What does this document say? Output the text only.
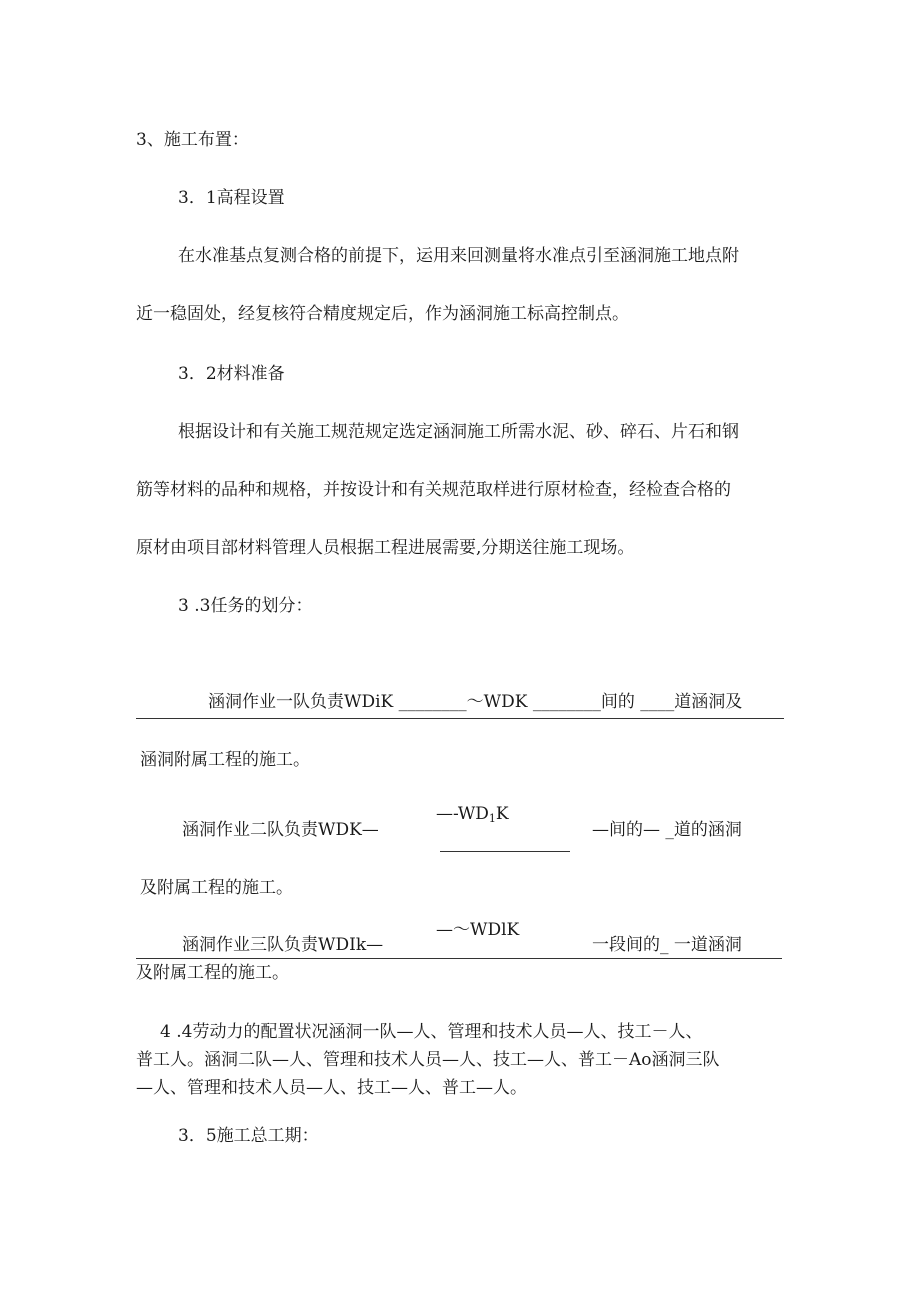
3、施工布置：
3．1高程设置
在水准基点复测合格的前提下，运用来回测量将水准点引至涵洞施工地点附
近一稳固处，经复核符合精度规定后，作为涵洞施工标高控制点。
3．2材料准备
根据设计和有关施工规范规定选定涵洞施工所需水泥、砂、碎石、片石和钢
筋等材料的品种和规格，并按设计和有关规范取样进行原材检查，经检查合格的
原材由项目部材料管理人员根据工程进展需要,分期送往施工现场。
3 .3任务的划分：
涵洞作业一队负责WDiK ________～WDK ________间的 ____道涵洞及
涵洞附属工程的施工。
涵洞作业二队负责WDK—
$—-WD_1K$
—间的— _道的涵洞
及附属工程的施工。
涵洞作业三队负责WDIk—
—～WDlK
一段间的_ 一道涵洞
及附属工程的施工。
4 .4劳动力的配置状况涵洞一队—人、管理和技术人员—人、技工－人、
普工人。涵洞二队—人、管理和技术人员—人、技工—人、普工－Ao涵洞三队
—人、管理和技术人员—人、技工—人、普工—人。
3．5施工总工期：
